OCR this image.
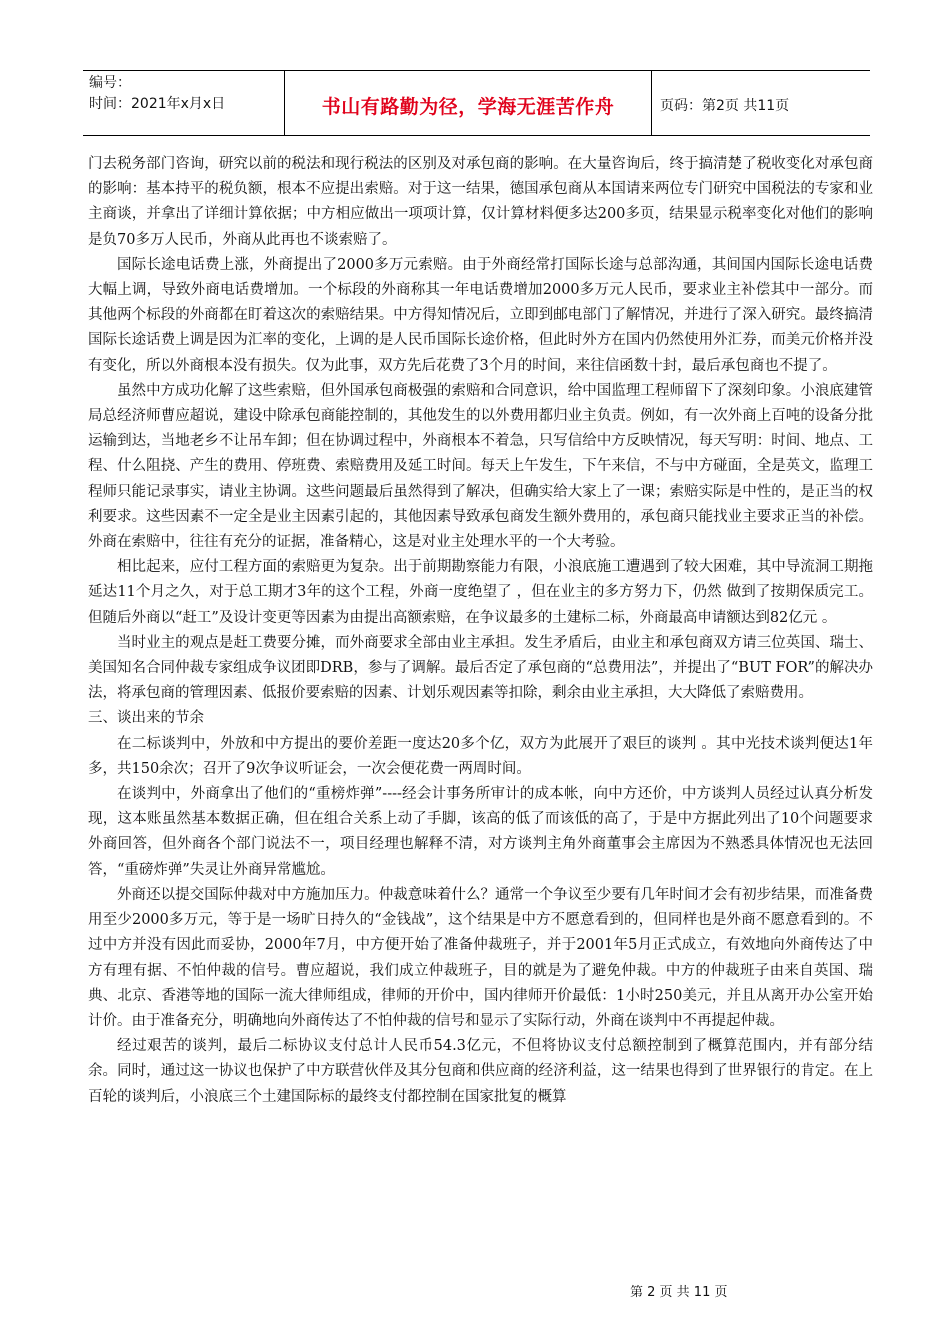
编号：
时间：2021年x月x日	书山有路勤为径，学海无涯苦作舟	页码：第2页 共11页

门去税务部门咨询，研究以前的税法和现行税法的区别及对承包商的影响。在大量咨询后，终于搞清楚了税收变化对承包商的影响：基本持平的税负额，根本不应提出索赔。对于这一结果，德国承包商从本国请来两位专门研究中国税法的专家和业主商谈，并拿出了详细计算依据；中方相应做出一项项计算，仅计算材料便多达200多页，结果显示税率变化对他们的影响是负70多万人民币，外商从此再也不谈索赔了。

国际长途电话费上涨，外商提出了2000多万元索赔。由于外商经常打国际长途与总部沟通，其间国内国际长途电话费大幅上调，导致外商电话费增加。一个标段的外商称其一年电话费增加2000多万元人民币，要求业主补偿其中一部分。而其他两个标段的外商都在盯着这次的索赔结果。中方得知情况后，立即到邮电部门了解情况，并进行了深入研究。最终搞清国际长途话费上调是因为汇率的变化，上调的是人民币国际长途价格，但此时外方在国内仍然使用外汇券，而美元价格并没有变化，所以外商根本没有损失。仅为此事，双方先后花费了3个月的时间，来往信函数十封，最后承包商也不提了。

虽然中方成功化解了这些索赔，但外国承包商极强的索赔和合同意识，给中国监理工程师留下了深刻印象。小浪底建管局总经济师曹应超说，建设中除承包商能控制的，其他发生的以外费用都归业主负责。例如，有一次外商上百吨的设备分批运输到达，当地老乡不让吊车卸；但在协调过程中，外商根本不着急，只写信给中方反映情况，每天写明：时间、地点、工程、什么阻挠、产生的费用、停班费、索赔费用及延工时间。每天上午发生，下午来信，不与中方碰面，全是英文，监理工程师只能记录事实，请业主协调。这些问题最后虽然得到了解决，但确实给大家上了一课；索赔实际是中性的，是正当的权利要求。这些因素不一定全是业主因素引起的，其他因素导致承包商发生额外费用的，承包商只能找业主要求正当的补偿。外商在索赔中，往往有充分的证据，准备精心，这是对业主处理水平的一个大考验。

相比起来，应付工程方面的索赔更为复杂。出于前期勘察能力有限，小浪底施工遭遇到了较大困难，其中导流洞工期拖延达11个月之久，对于总工期才3年的这个工程，外商一度绝望了 ，但在业主的多方努力下，仍然 做到了按期保质完工。但随后外商以“赶工”及设计变更等因素为由提出高额索赔，在争议最多的土建标二标，外商最高申请额达到82亿元 。

当时业主的观点是赶工费要分摊，而外商要求全部由业主承担。发生矛盾后，由业主和承包商双方请三位英国、瑞士、美国知名合同仲裁专家组成争议团即DRB，参与了调解。最后否定了承包商的“总费用法”，并提出了“BUT FOR”的解决办法，将承包商的管理因素、低报价要索赔的因素、计划乐观因素等扣除，剩余由业主承担，大大降低了索赔费用。

三、谈出来的节余

在二标谈判中，外放和中方提出的要价差距一度达20多个亿，双方为此展开了艰巨的谈判 。其中光技术谈判便达1年多，共150余次；召开了9次争议听证会，一次会便花费一两周时间。

在谈判中，外商拿出了他们的“重榜炸弹”----经会计事务所审计的成本帐，向中方还价，中方谈判人员经过认真分析发现，这本账虽然基本数据正确，但在组合关系上动了手脚，该高的低了而该低的高了，于是中方据此列出了10个问题要求外商回答，但外商各个部门说法不一，项目经理也解释不清，对方谈判主角外商董事会主席因为不熟悉具体情况也无法回答，“重磅炸弹”失灵让外商异常尴尬。

外商还以提交国际仲裁对中方施加压力。仲裁意味着什么？通常一个争议至少要有几年时间才会有初步结果，而准备费用至少2000多万元，等于是一场旷日持久的“金钱战”，这个结果是中方不愿意看到的，但同样也是外商不愿意看到的。不过中方并没有因此而妥协，2000年7月，中方便开始了准备仲裁班子，并于2001年5月正式成立，有效地向外商传达了中方有理有据、不怕仲裁的信号。曹应超说，我们成立仲裁班子，目的就是为了避免仲裁。中方的仲裁班子由来自英国、瑞典、北京、香港等地的国际一流大律师组成，律师的开价中，国内律师开价最低：1小时250美元，并且从离开办公室开始计价。由于准备充分，明确地向外商传达了不怕仲裁的信号和显示了实际行动，外商在谈判中不再提起仲裁。

经过艰苦的谈判，最后二标协议支付总计人民币54.3亿元，不但将协议支付总额控制到了概算范围内，并有部分结余。同时，通过这一协议也保护了中方联营伙伴及其分包商和供应商的经济利益，这一结果也得到了世界银行的肯定。在上百轮的谈判后，小浪底三个土建国际标的最终支付都控制在国家批复的概算

第 2 页 共 11 页
